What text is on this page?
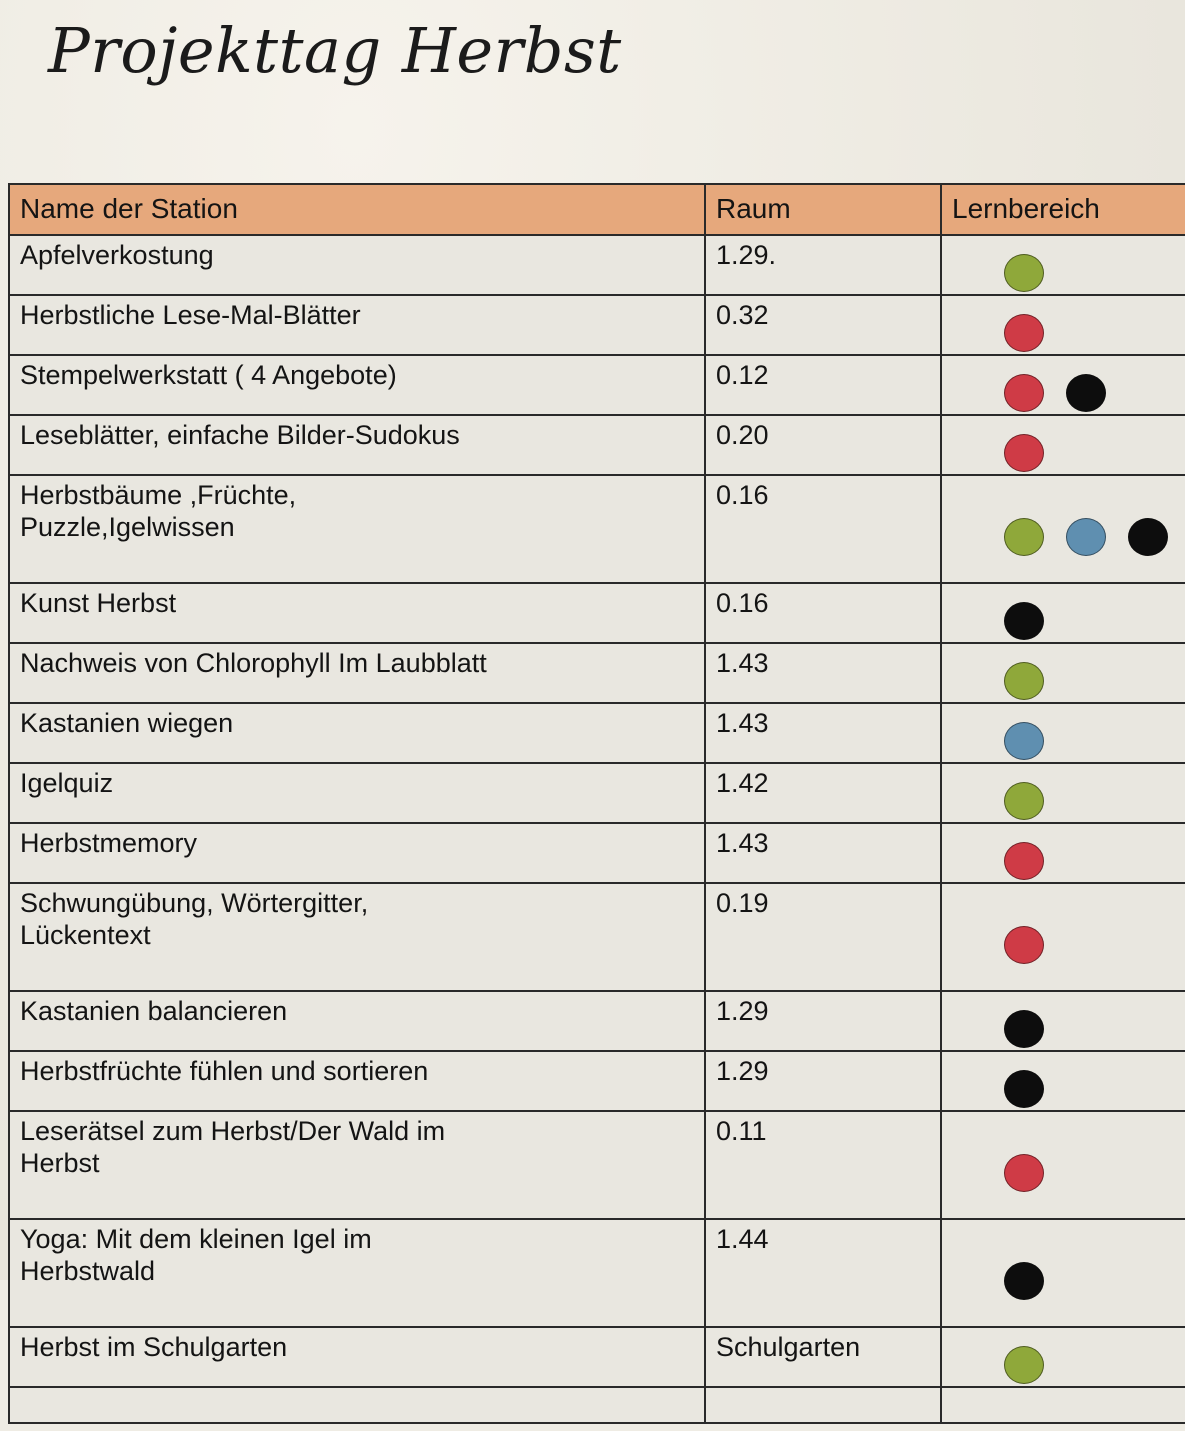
Projekttag Herbst
Name der Station	Raum	Lernbereich

Apfelverkostung	1.29.	

Herbstliche Lese-Mal-Blätter	0.32	

Stempelwerkstatt ( 4 Angebote)	0.12	

Leseblätter, einfache Bilder-Sudokus	0.20	

Herbstbäume ,Früchte,
Puzzle,Igelwissen	0.16	

Kunst Herbst	0.16	

Nachweis von Chlorophyll Im Laubblatt	1.43	

Kastanien wiegen	1.43	

Igelquiz	1.42	

Herbstmemory	1.43	

Schwungübung, Wörtergitter,
Lückentext	0.19	

Kastanien balancieren	1.29	

Herbstfrüchte fühlen und sortieren	1.29	

Leserätsel zum Herbst/Der Wald im
Herbst	0.11	

Yoga: Mit dem kleinen Igel im
Herbstwald	1.44	

Herbst im Schulgarten	Schulgarten	
